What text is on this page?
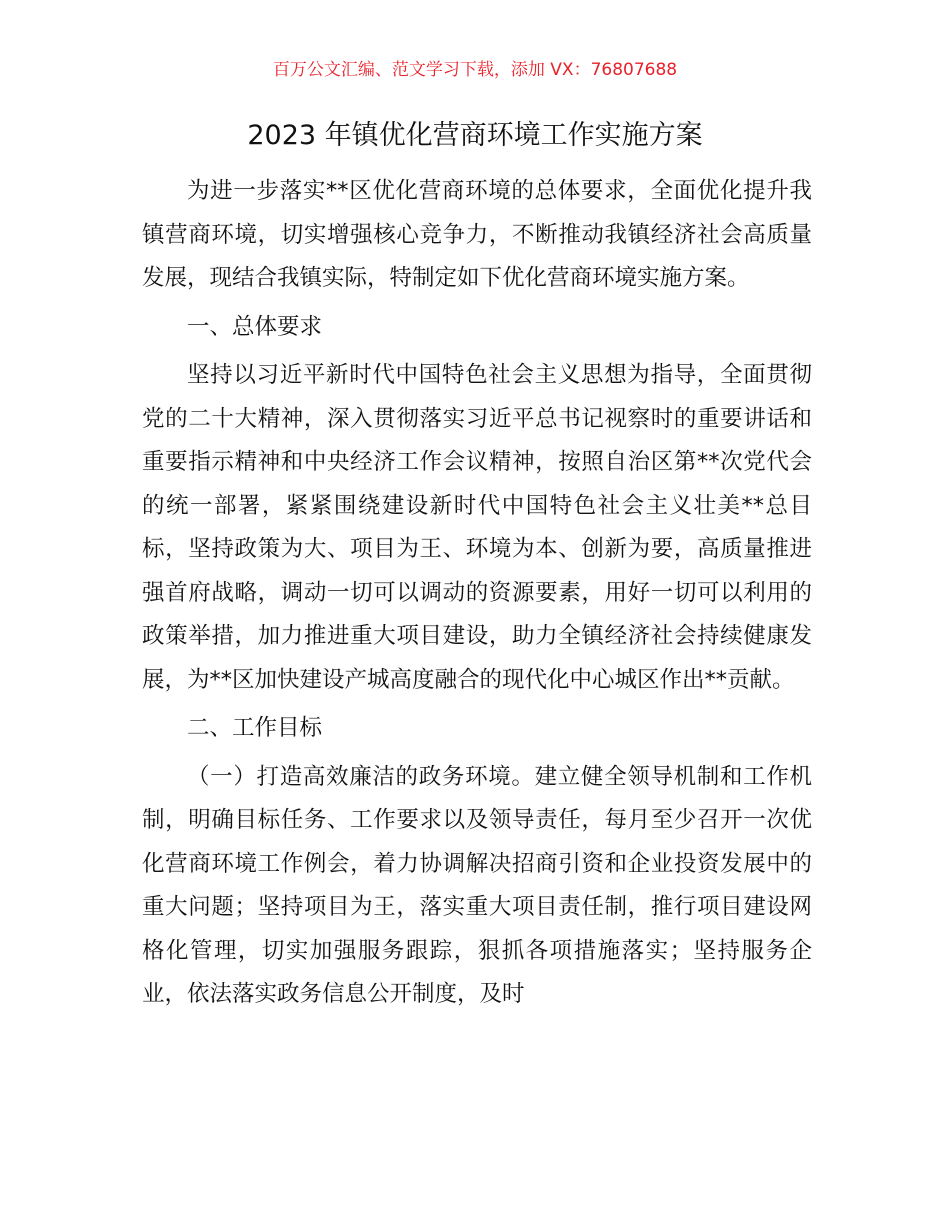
百万公文汇编、范文学习下载，添加 VX：76807688
2023 年镇优化营商环境工作实施方案

为进一步落实**区优化营商环境的总体要求，全面优化提升我镇营商环境，切实增强核心竞争力，不断推动我镇经济社会高质量发展，现结合我镇实际，特制定如下优化营商环境实施方案。

一、总体要求

坚持以习近平新时代中国特色社会主义思想为指导，全面贯彻党的二十大精神，深入贯彻落实习近平总书记视察时的重要讲话和重要指示精神和中央经济工作会议精神，按照自治区第**次党代会的统一部署，紧紧围绕建设新时代中国特色社会主义壮美**总目标，坚持政策为大、项目为王、环境为本、创新为要，高质量推进强首府战略，调动一切可以调动的资源要素，用好一切可以利用的政策举措，加力推进重大项目建设，助力全镇经济社会持续健康发展，为**区加快建设产城高度融合的现代化中心城区作出**贡献。

二、工作目标

（一）打造高效廉洁的政务环境。建立健全领导机制和工作机制，明确目标任务、工作要求以及领导责任，每月至少召开一次优化营商环境工作例会，着力协调解决招商引资和企业投资发展中的重大问题；坚持项目为王，落实重大项目责任制，推行项目建设网格化管理，切实加强服务跟踪，狠抓各项措施落实；坚持服务企业，依法落实政务信息公开制度，及时
